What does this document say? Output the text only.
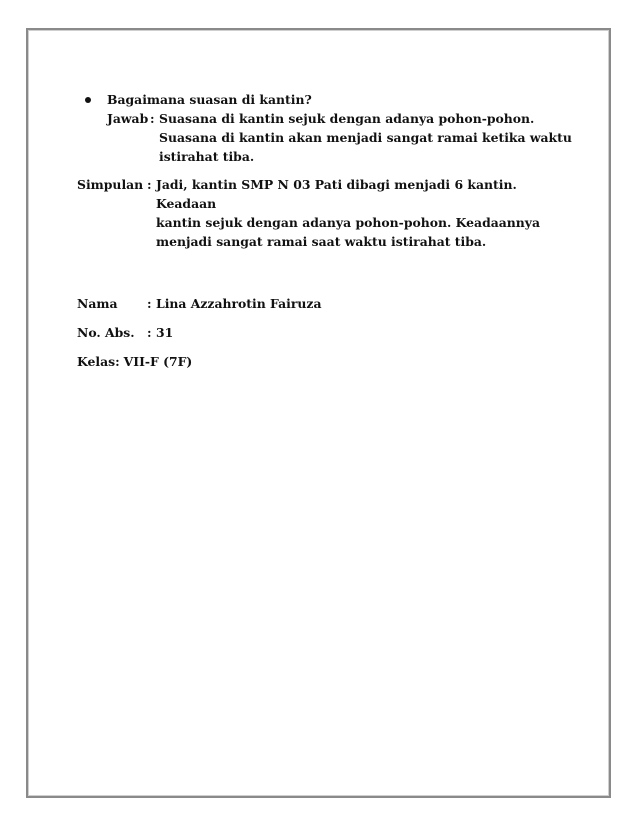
Bagaimana suasan di kantin?
Jawab : Suasana di kantin sejuk dengan adanya pohon-pohon.
Suasana di kantin akan menjadi sangat ramai ketika waktu
istirahat tiba.
Simpulan : Jadi, kantin SMP N 03 Pati dibagi menjadi 6 kantin. Keadaan
kantin sejuk dengan adanya pohon-pohon. Keadaannya
menjadi sangat ramai saat waktu istirahat tiba.
Nama	: Lina Azzahrotin Fairuza
No. Abs.	: 31
Kelas : VII-F (7F)
